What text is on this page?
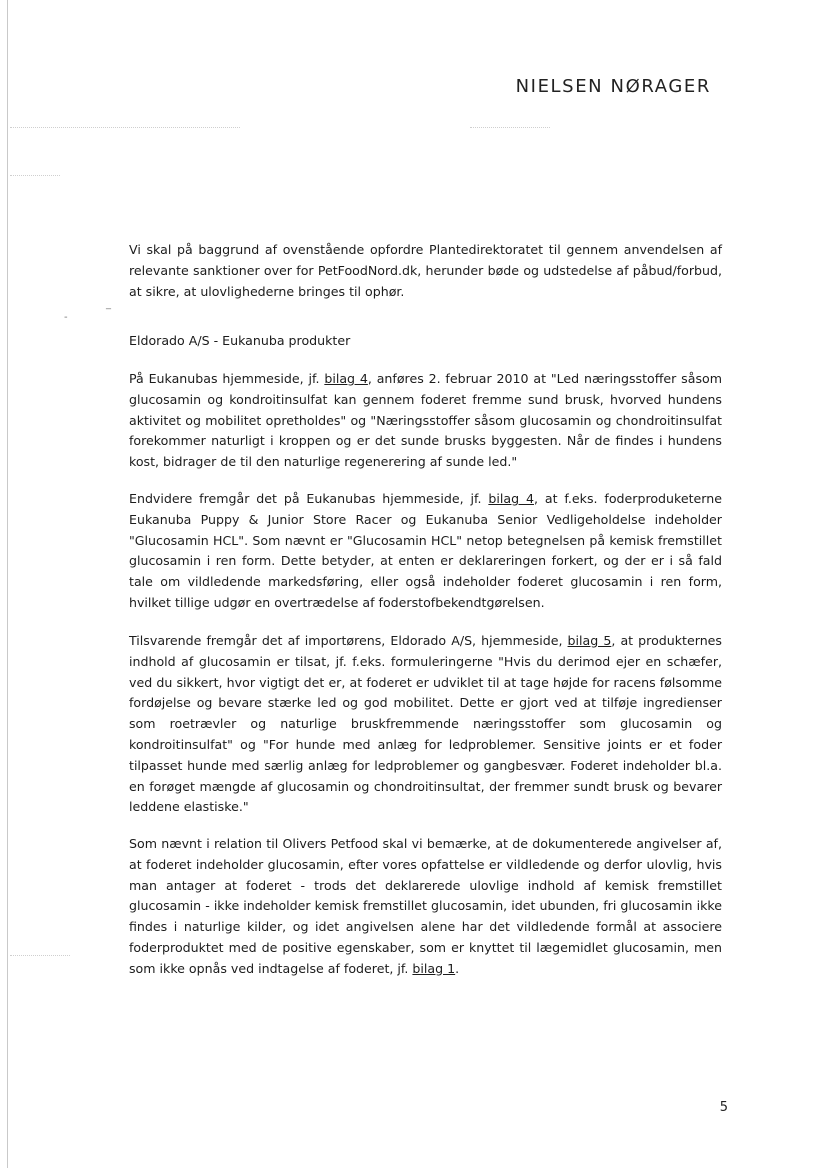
NIELSEN NØRAGER
Vi skal på baggrund af ovenstående opfordre Plantedirektoratet til gennem anvendelsen af relevante sanktioner over for PetFoodNord.dk, herunder bøde og udstedelse af påbud/forbud, at sikre, at ulovlighederne bringes til ophør.
-	‾
Eldorado A/S - Eukanuba produkter
På Eukanubas hjemmeside, jf. bilag 4, anføres 2. februar 2010 at "Led næringsstoffer såsom glucosamin og kondroitinsulfat kan gennem foderet fremme sund brusk, hvorved hundens aktivitet og mobilitet opretholdes" og "Næringsstoffer såsom glucosamin og chondroitinsulfat forekommer naturligt i kroppen og er det sunde brusks byggesten. Når de findes i hundens kost, bidrager de til den naturlige regenerering af sunde led."
Endvidere fremgår det på Eukanubas hjemmeside, jf. bilag 4, at f.eks. foderproduketerne Eukanuba Puppy & Junior Store Racer og Eukanuba Senior Vedligeholdelse indeholder "Glucosamin HCL". Som nævnt er "Glucosamin HCL" netop betegnelsen på kemisk fremstillet glucosamin i ren form. Dette betyder, at enten er deklareringen forkert, og der er i så fald tale om vildledende markedsføring, eller også indeholder foderet glucosamin i ren form, hvilket tillige udgør en overtrædelse af foderstofbekendtgørelsen.
Tilsvarende fremgår det af importørens, Eldorado A/S, hjemmeside, bilag 5, at produkternes indhold af glucosamin er tilsat, jf. f.eks. formuleringerne "Hvis du derimod ejer en schæfer, ved du sikkert, hvor vigtigt det er, at foderet er udviklet til at tage højde for racens følsomme fordøjelse og bevare stærke led og god mobilitet. Dette er gjort ved at tilføje ingredienser som roetrævler og naturlige bruskfremmende næringsstoffer som glucosamin og kondroitinsulfat" og "For hunde med anlæg for ledproblemer. Sensitive joints er et foder tilpasset hunde med særlig anlæg for ledproblemer og gangbesvær. Foderet indeholder bl.a. en forøget mængde af glucosamin og chondroitinsultat, der fremmer sundt brusk og bevarer leddene elastiske."
Som nævnt i relation til Olivers Petfood skal vi bemærke, at de dokumenterede angivelser af, at foderet indeholder glucosamin, efter vores opfattelse er vildledende og derfor ulovlig, hvis man antager at foderet - trods det deklarerede ulovlige indhold af kemisk fremstillet glucosamin - ikke indeholder kemisk fremstillet glucosamin, idet ubunden, fri glucosamin ikke findes i naturlige kilder, og idet angivelsen alene har det vildledende formål at associere foderproduktet med de positive egenskaber, som er knyttet til lægemidlet glucosamin, men som ikke opnås ved indtagelse af foderet, jf. bilag 1.
5
